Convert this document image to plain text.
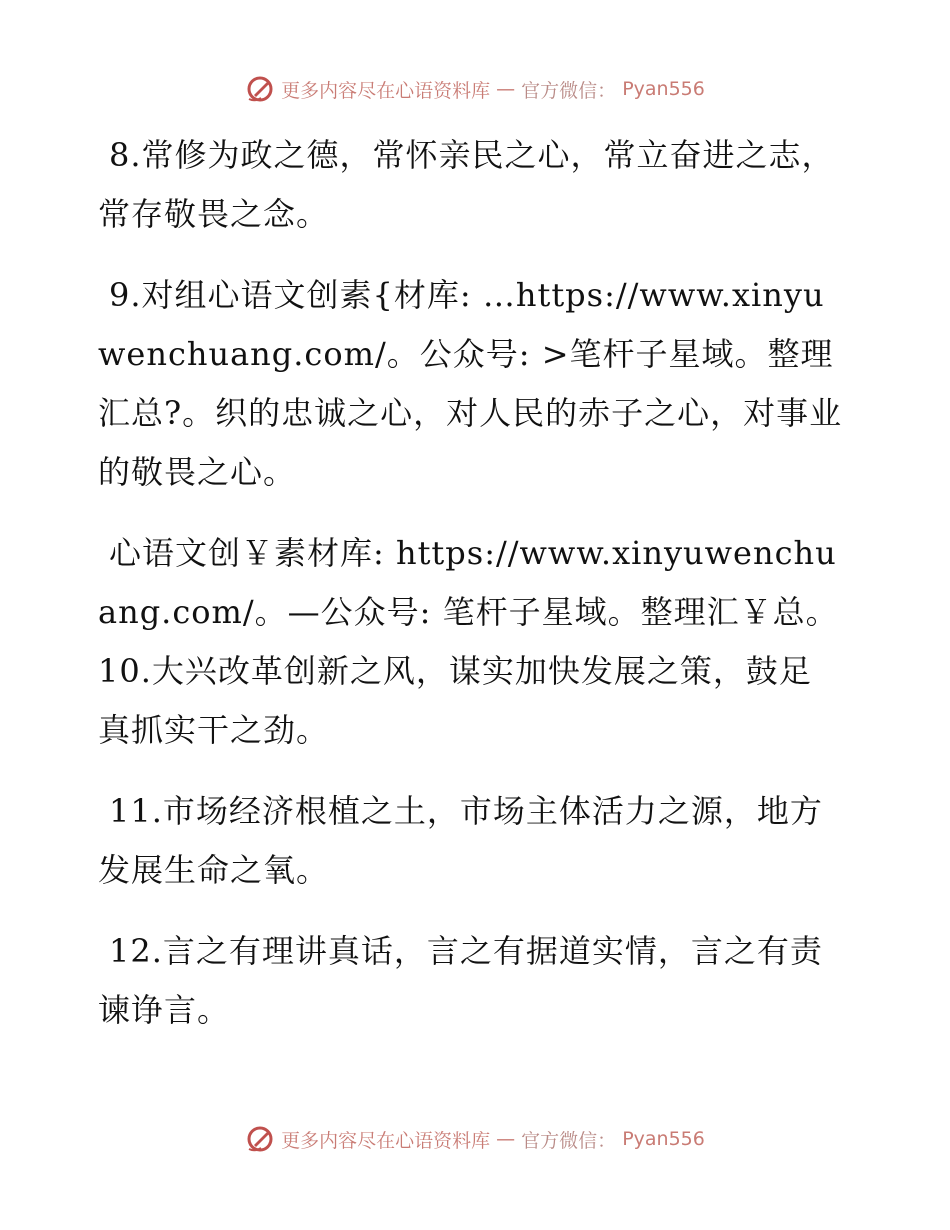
更多内容尽在心语资料库 — 官方微信： Pyan556

8.常修为政之德，常怀亲民之心，常立奋进之志，常存敬畏之念。

9.对组心语文创素{材库: …https://www.xinyuwenchuang.com/。公众号: >笔杆子星域。整理汇总?。织的忠诚之心，对人民的赤子之心，对事业的敬畏之心。

心语文创￥素材库: https://www.xinyuwenchuang.com/。—公众号: 笔杆子星域。整理汇￥总。10.大兴改革创新之风，谋实加快发展之策，鼓足真抓实干之劲。

11.市场经济根植之土，市场主体活力之源，地方发展生命之氧。

12.言之有理讲真话，言之有据道实情，言之有责谏诤言。

更多内容尽在心语资料库 — 官方微信： Pyan556
